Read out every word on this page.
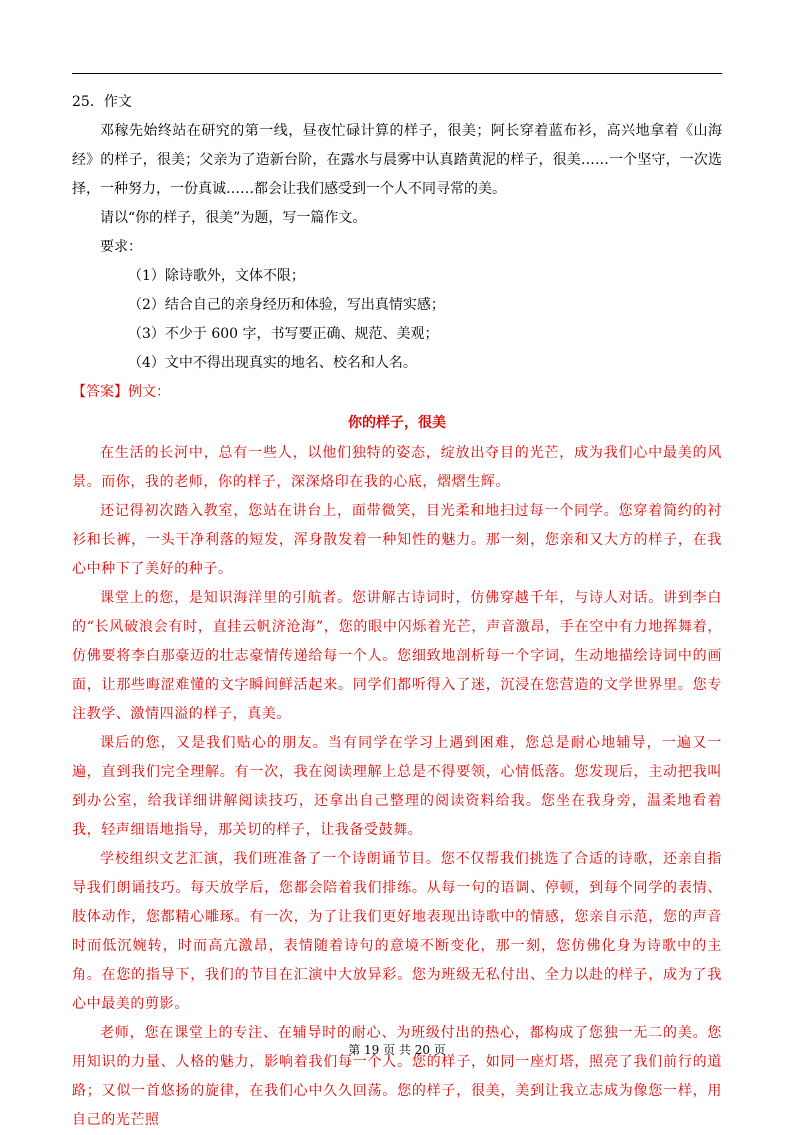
25．作文

邓稼先始终站在研究的第一线，昼夜忙碌计算的样子，很美；阿长穿着蓝布衫，高兴地拿着《山海经》的样子，很美；父亲为了造新台阶，在露水与晨雾中认真踏黄泥的样子，很美……一个坚守，一次选择，一种努力，一份真诚……都会让我们感受到一个人不同寻常的美。

请以“你的样子，很美”为题，写一篇作文。

要求：

（1）除诗歌外，文体不限；

（2）结合自己的亲身经历和体验，写出真情实感；

（3）不少于 600 字，书写要正确、规范、美观；

（4）文中不得出现真实的地名、校名和人名。

【答案】例文：

你的样子，很美

在生活的长河中，总有一些人，以他们独特的姿态，绽放出夺目的光芒，成为我们心中最美的风景。而你，我的老师，你的样子，深深烙印在我的心底，熠熠生辉。

还记得初次踏入教室，您站在讲台上，面带微笑，目光柔和地扫过每一个同学。您穿着简约的衬衫和长裤，一头干净利落的短发，浑身散发着一种知性的魅力。那一刻，您亲和又大方的样子，在我心中种下了美好的种子。

课堂上的您，是知识海洋里的引航者。您讲解古诗词时，仿佛穿越千年，与诗人对话。讲到李白的“长风破浪会有时，直挂云帆济沧海”，您的眼中闪烁着光芒，声音激昂，手在空中有力地挥舞着，仿佛要将李白那豪迈的壮志豪情传递给每一个人。您细致地剖析每一个字词，生动地描绘诗词中的画面，让那些晦涩难懂的文字瞬间鲜活起来。同学们都听得入了迷，沉浸在您营造的文学世界里。您专注教学、激情四溢的样子，真美。

课后的您，又是我们贴心的朋友。当有同学在学习上遇到困难，您总是耐心地辅导，一遍又一遍，直到我们完全理解。有一次，我在阅读理解上总是不得要领，心情低落。您发现后，主动把我叫到办公室，给我详细讲解阅读技巧，还拿出自己整理的阅读资料给我。您坐在我身旁，温柔地看着我，轻声细语地指导，那关切的样子，让我备受鼓舞。

学校组织文艺汇演，我们班准备了一个诗朗诵节目。您不仅帮我们挑选了合适的诗歌，还亲自指导我们朗诵技巧。每天放学后，您都会陪着我们排练。从每一句的语调、停顿，到每个同学的表情、肢体动作，您都精心雕琢。有一次，为了让我们更好地表现出诗歌中的情感，您亲自示范，您的声音时而低沉婉转，时而高亢激昂，表情随着诗句的意境不断变化，那一刻，您仿佛化身为诗歌中的主角。在您的指导下，我们的节目在汇演中大放异彩。您为班级无私付出、全力以赴的样子，成为了我心中最美的剪影。

老师，您在课堂上的专注、在辅导时的耐心、为班级付出的热心，都构成了您独一无二的美。您用知识的力量、人格的魅力，影响着我们每一个人。您的样子，如同一座灯塔，照亮了我们前行的道路；又似一首悠扬的旋律，在我们心中久久回荡。您的样子，很美，美到让我立志成为像您一样，用自己的光芒照

第 19 页 共 20 页
